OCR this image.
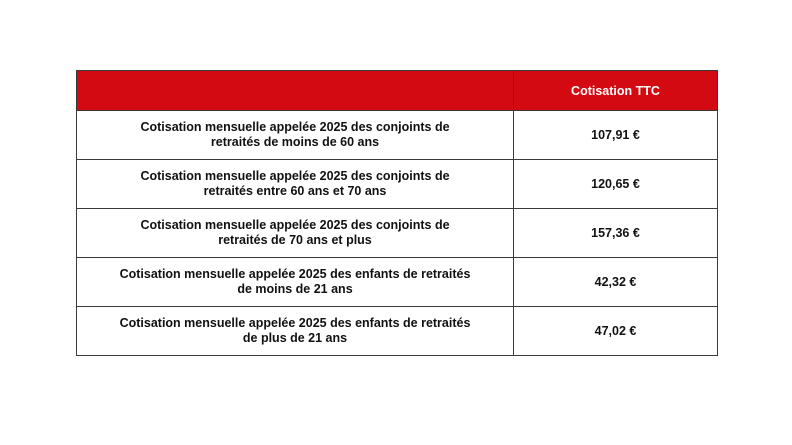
	Cotisation TTC
Cotisation mensuelle appelée 2025 des conjoints de
retraités de moins de 60 ans	107,91 €
Cotisation mensuelle appelée 2025 des conjoints de
retraités entre 60 ans et 70 ans	120,65 €
Cotisation mensuelle appelée 2025 des conjoints de
retraités de 70 ans et plus	157,36 €
Cotisation mensuelle appelée 2025 des enfants de retraités
de moins de 21 ans	42,32 €
Cotisation mensuelle appelée 2025 des enfants de retraités
de plus de 21 ans	47,02 €
